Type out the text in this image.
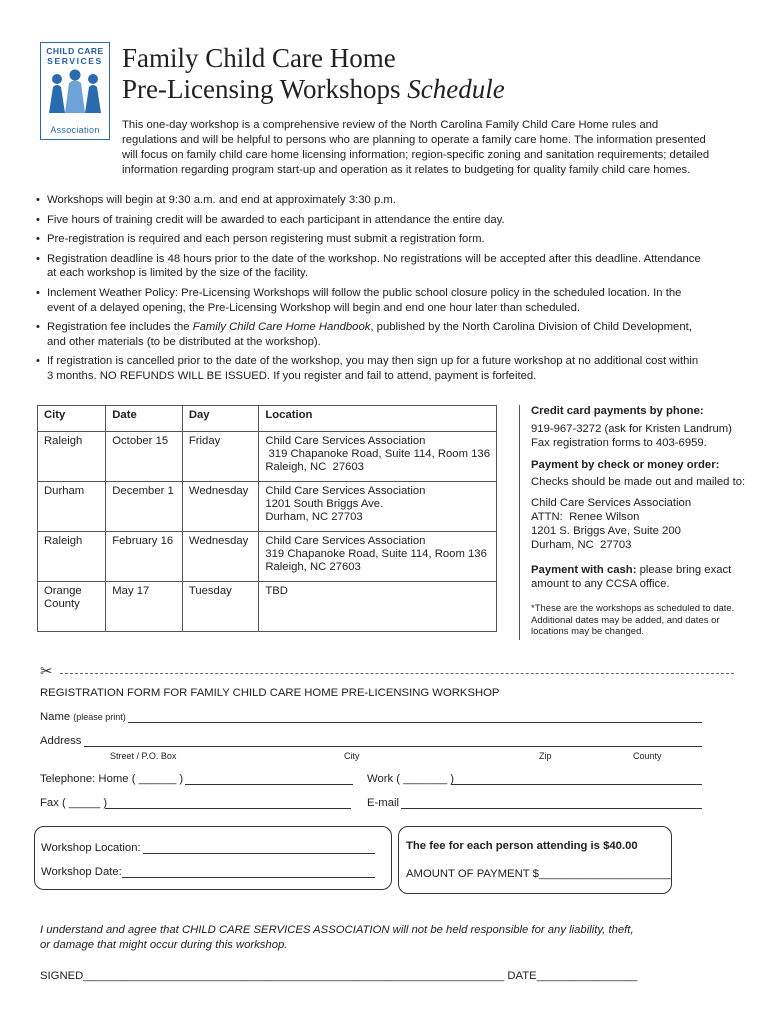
CHILD CARE
SERVICES
Association
Family Child Care Home
Pre-Licensing Workshops Schedule
This one-day workshop is a comprehensive review of the North Carolina Family Child Care Home rules and regulations and will be helpful to persons who are planning to operate a family care home. The information presented will focus on family child care home licensing information; region-specific zoning and sanitation requirements; detailed information regarding program start-up and operation as it relates to budgeting for quality family child care homes.
• Workshops will begin at 9:30 a.m. and end at approximately 3:30 p.m.
• Five hours of training credit will be awarded to each participant in attendance the entire day.
• Pre-registration is required and each person registering must submit a registration form.
• Registration deadline is 48 hours prior to the date of the workshop. No registrations will be accepted after this deadline. Attendance at each workshop is limited by the size of the facility.
• Inclement Weather Policy: Pre-Licensing Workshops will follow the public school closure policy in the scheduled location. In the event of a delayed opening, the Pre-Licensing Workshop will begin and end one hour later than scheduled.
• Registration fee includes the Family Child Care Home Handbook, published by the North Carolina Division of Child Development, and other materials (to be distributed at the workshop).
• If registration is cancelled prior to the date of the workshop, you may then sign up for a future workshop at no additional cost within 3 months. NO REFUNDS WILL BE ISSUED. If you register and fail to attend, payment is forfeited.
City	Date	Day	Location
Raleigh	October 15	Friday	Child Care Services Association
319 Chapanoke Road, Suite 114, Room 136
Raleigh, NC  27603

Durham	December 1	Wednesday	Child Care Services Association
1201 South Briggs Ave.
Durham, NC 27703

Raleigh	February 16	Wednesday	Child Care Services Association
319 Chapanoke Road, Suite 114, Room 136
Raleigh, NC 27603

Orange County	May 17	Tuesday	TBD

Credit card payments by phone:

919-967-3272 (ask for Kristen Landrum)

Fax registration forms to 403-6959.

Payment by check or money order:

Checks should be made out and mailed to:

Child Care Services Association

ATTN:  Renee Wilson

1201 S. Briggs Ave, Suite 200

Durham, NC  27703

Payment with cash: please bring exact amount to any CCSA office.

*These are the workshops as scheduled to date. Additional dates may be added, and dates or locations may be changed.

✂
REGISTRATION FORM FOR FAMILY CHILD CARE HOME PRE-LICENSING WORKSHOP
Name (please print)
Address
Street / P.O. Box	City	Zip	County
Telephone: Home ( ______ )	Work ( _______ )
Fax ( _____ )	E-mail
Workshop Location:
Workshop Date:
The fee for each person attending is $40.00
AMOUNT OF PAYMENT $_____________________
I understand and agree that CHILD CARE SERVICES ASSOCIATION will not be held responsible for any liability, theft, or damage that might occur during this workshop.
SIGNED___________________________________________________________________ DATE________________
